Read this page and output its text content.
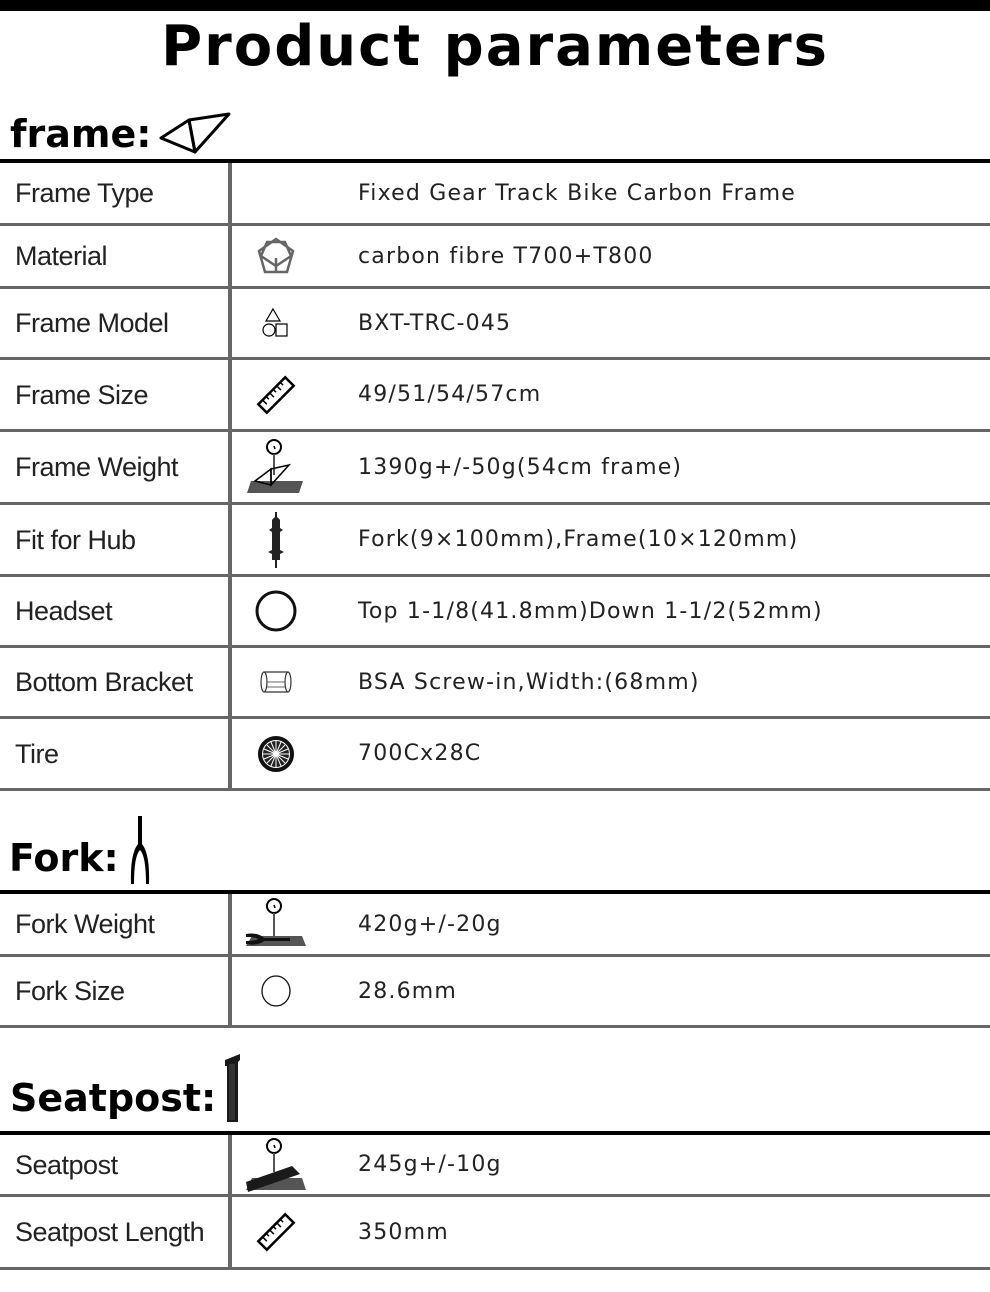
Product parameters
frame:
Frame Type	Fixed Gear Track Bike Carbon Frame
Material	carbon fibre T700+T800
Frame Model	BXT-TRC-045
Frame Size	49/51/54/57cm
Frame Weight	1390g+/-50g(54cm frame)
Fit for Hub	Fork(9×100mm),Frame(10×120mm)
Headset	Top 1-1/8(41.8mm)Down 1-1/2(52mm)
Bottom Bracket	BSA Screw-in,Width:(68mm)
Tire	700Cx28C
Fork:
Fork Weight	420g+/-20g
Fork Size	28.6mm
Seatpost:
Seatpost	245g+/-10g
Seatpost Length	350mm
